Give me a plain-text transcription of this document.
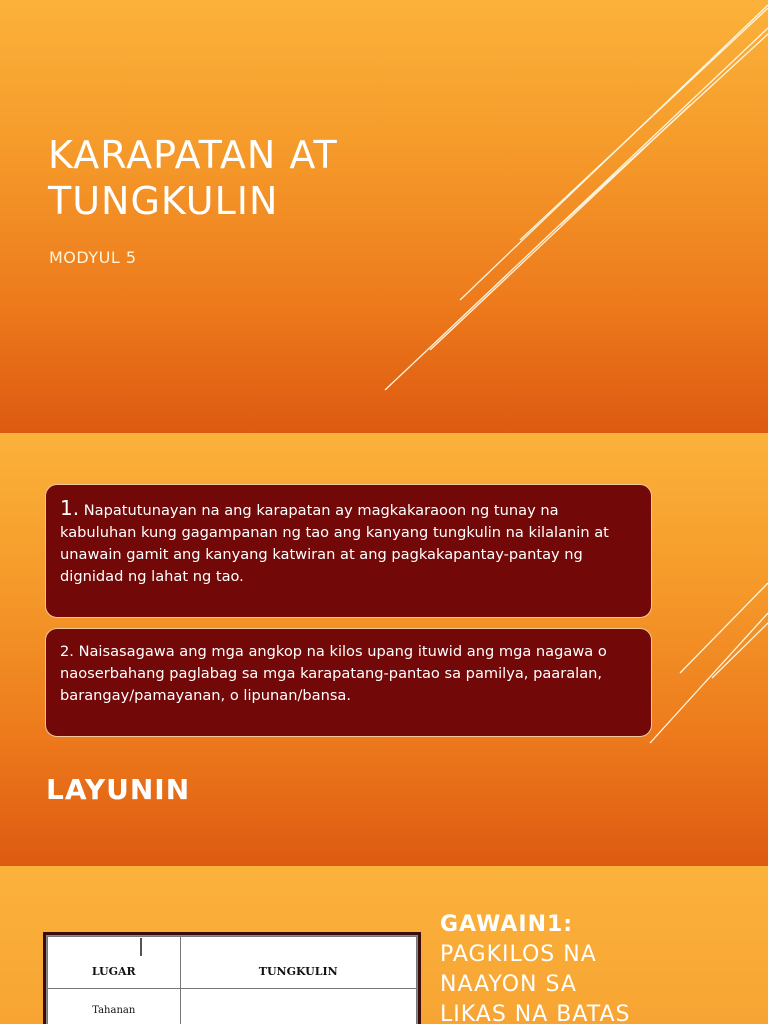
KARAPATAN AT
TUNGKULIN
MODYUL 5
1. Napatutunayan na ang karapatan ay magkakaraoon ng tunay na kabuluhan kung gagampanan ng tao ang kanyang tungkulin na kilalanin at unawain gamit ang kanyang katwiran at ang pagkakapantay-pantay ng dignidad ng lahat ng tao.
2. Naisasagawa ang mga angkop na kilos upang ituwid ang mga nagawa o naoserbahang paglabag sa mga karapatang-pantao sa pamilya, paaralan, barangay/pamayanan, o lipunan/bansa.
LAYUNIN
LUGAR	TUNGKULIN
Tahanan	
GAWAIN1:
PAGKILOS NA
NAAYON SA
LIKAS NA BATAS
